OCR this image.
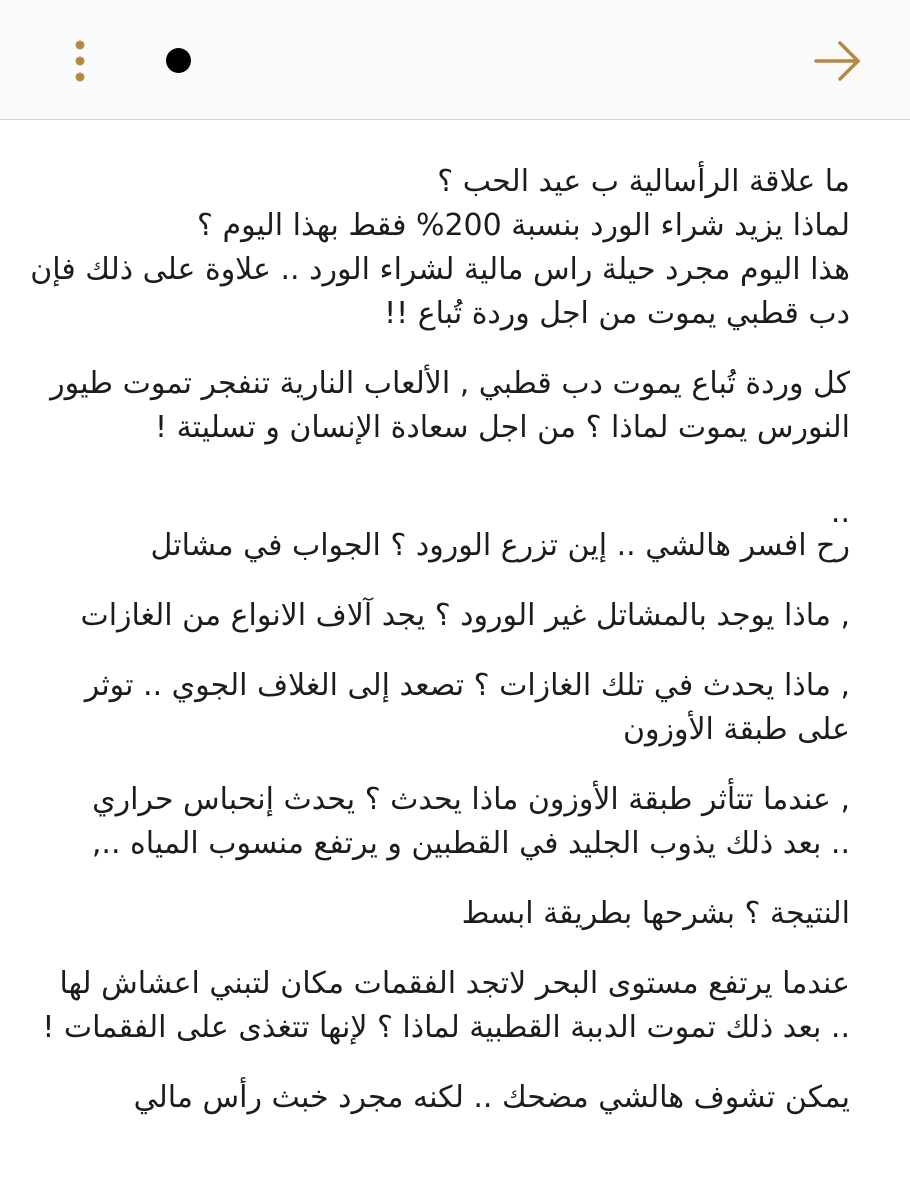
ما علاقة الرأسالية ب عيد الحب ؟
لماذا يزيد شراء الورد بنسبة 200% فقط بهذا اليوم ؟
هذا اليوم مجرد حيلة راس مالية لشراء الورد .. علاوة على ذلك فإن
دب قطبي يموت من اجل وردة تُباع !!
كل وردة تُباع يموت دب قطبي , الألعاب النارية تنفجر تموت طيور
النورس يموت لماذا ؟ من اجل سعادة الإنسان و تسليتة !
..
رح افسر هالشي .. إين تزرع الورود ؟ الجواب في مشاتل
, ماذا يوجد بالمشاتل غير الورود ؟ يجد آلاف الانواع من الغازات
, ماذا يحدث في تلك الغازات ؟ تصعد إلى الغلاف الجوي .. توثر
على طبقة الأوزون
, عندما تتأثر طبقة الأوزون ماذا يحدث ؟ يحدث إنحباس حراري
.. بعد ذلك يذوب الجليد في القطبين و يرتفع منسوب المياه ..,
النتيجة ؟ بشرحها بطريقة ابسط
عندما يرتفع مستوى البحر لاتجد الفقمات مكان لتبني اعشاش لها
.. بعد ذلك تموت الدببة القطبية لماذا ؟ لإنها تتغذى على الفقمات !
يمكن تشوف هالشي مضحك .. لكنه مجرد خبث رأس مالي
